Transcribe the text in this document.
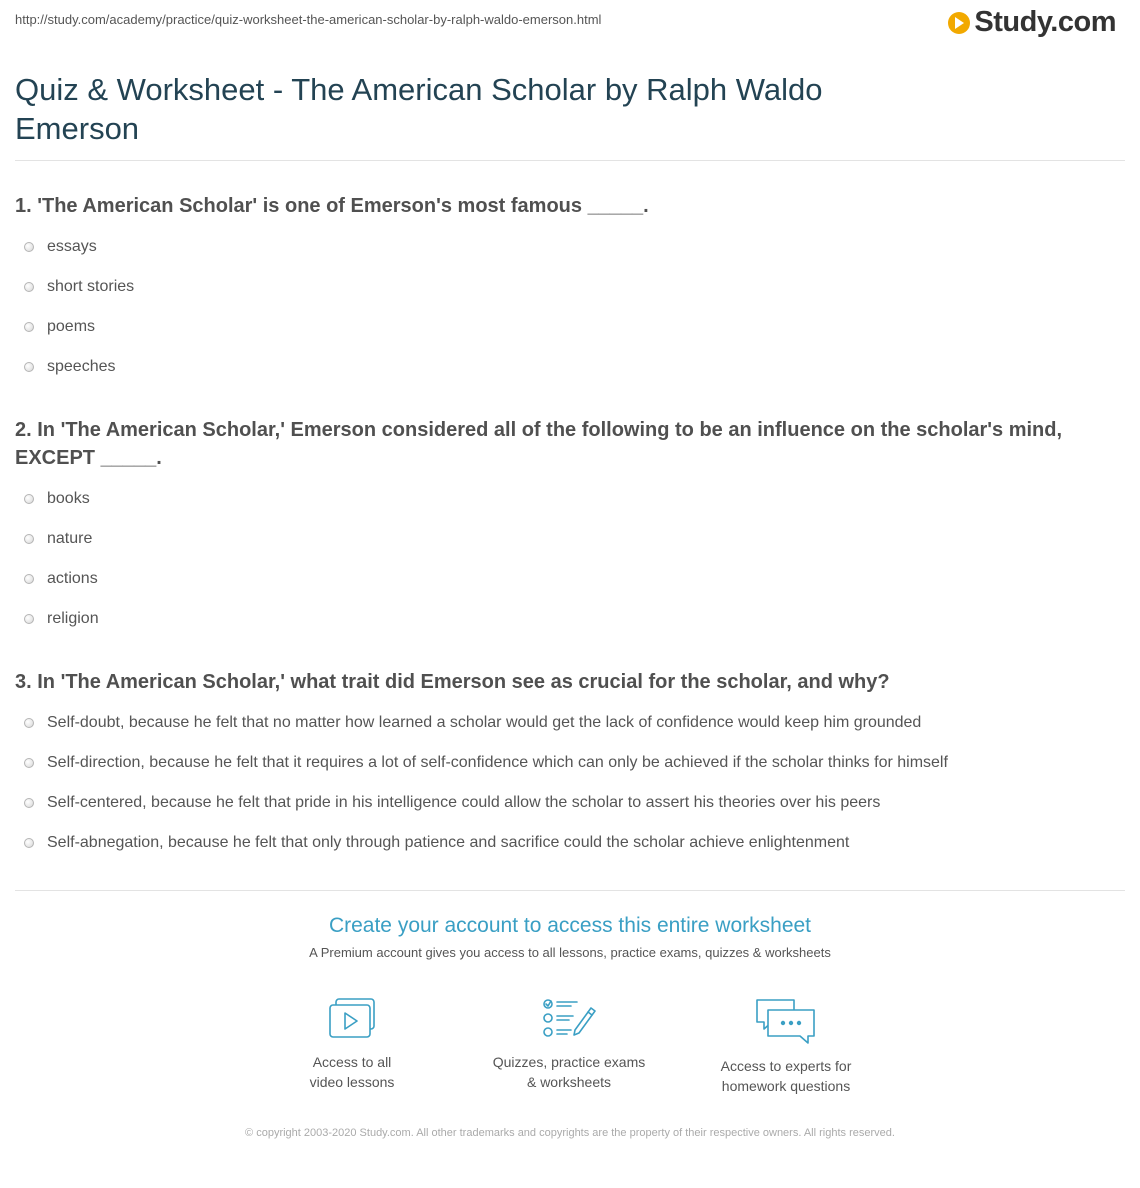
http://study.com/academy/practice/quiz-worksheet-the-american-scholar-by-ralph-waldo-emerson.html	Study.com
Quiz & Worksheet - The American Scholar by Ralph Waldo Emerson
1. 'The American Scholar' is one of Emerson's most famous _____.
essays
short stories
poems
speeches
2. In 'The American Scholar,' Emerson considered all of the following to be an influence on the scholar's mind, EXCEPT _____.
books
nature
actions
religion
3. In 'The American Scholar,' what trait did Emerson see as crucial for the scholar, and why?
Self-doubt, because he felt that no matter how learned a scholar would get the lack of confidence would keep him grounded
Self-direction, because he felt that it requires a lot of self-confidence which can only be achieved if the scholar thinks for himself
Self-centered, because he felt that pride in his intelligence could allow the scholar to assert his theories over his peers
Self-abnegation, because he felt that only through patience and sacrifice could the scholar achieve enlightenment
Create your account to access this entire worksheet
A Premium account gives you access to all lessons, practice exams, quizzes & worksheets
Access to all
video lessons
Quizzes, practice exams
& worksheets
Access to experts for
homework questions
© copyright 2003-2020 Study.com. All other trademarks and copyrights are the property of their respective owners. All rights reserved.
